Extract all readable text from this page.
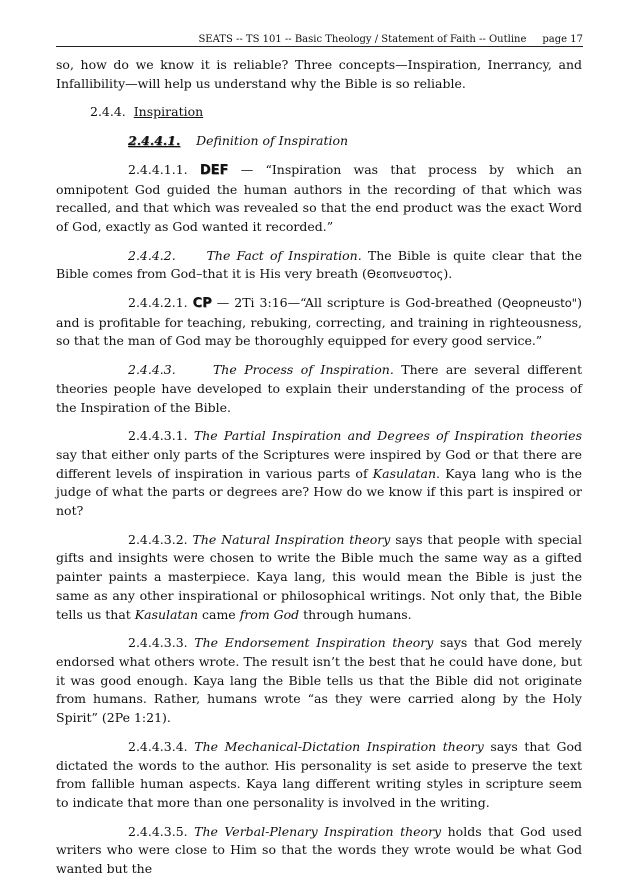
SEATS -- TS 101 -- Basic Theology / Statement of Faith -- Outline page 17

so, how do we know it is reliable? Three concepts—Inspiration, Inerrancy, and Infallibility—will help us understand why the Bible is so reliable.

2.4.4. Inspiration

2.4.4.1. Definition of Inspiration

2.4.4.1.1. DEF — “Inspiration was that process by which an omnipotent God guided the human authors in the recording of that which was recalled, and that which was revealed so that the end product was the exact Word of God, exactly as God wanted it recorded.”

2.4.4.2. The Fact of Inspiration. The Bible is quite clear that the Bible comes from God–that it is His very breath (Θεοπνευστος).

2.4.4.2.1. CP — 2Ti 3:16—“All scripture is God-breathed (Qeopneusto") and is profitable for teaching, rebuking, correcting, and training in righteousness, so that the man of God may be thoroughly equipped for every good service.”

2.4.4.3.	The Process of Inspiration. There are several different theories people have developed to explain their understanding of the process of the Inspiration of the Bible.

2.4.4.3.1. The Partial Inspiration and Degrees of Inspiration theories say that either only parts of the Scriptures were inspired by God or that there are different levels of inspiration in various parts of Kasulatan. Kaya lang who is the judge of what the parts or degrees are? How do we know if this part is inspired or not?

2.4.4.3.2. The Natural Inspiration theory says that people with special gifts and insights were chosen to write the Bible much the same way as a gifted painter paints a masterpiece. Kaya lang, this would mean the Bible is just the same as any other inspirational or philosophical writings. Not only that, the Bible tells us that Kasulatan came from God through humans.

2.4.4.3.3. The Endorsement Inspiration theory says that God merely endorsed what others wrote. The result isn’t the best that he could have done, but it was good enough. Kaya lang the Bible tells us that the Bible did not originate from humans. Rather, humans wrote “as they were carried along by the Holy Spirit” (2Pe 1:21).

2.4.4.3.4. The Mechanical-Dictation Inspiration theory says that God dictated the words to the author. His personality is set aside to preserve the text from fallible human aspects. Kaya lang different writing styles in scripture seem to indicate that more than one personality is involved in the writing.

2.4.4.3.5. The Verbal-Plenary Inspiration theory holds that God used writers who were close to Him so that the words they wrote would be what God wanted but the
